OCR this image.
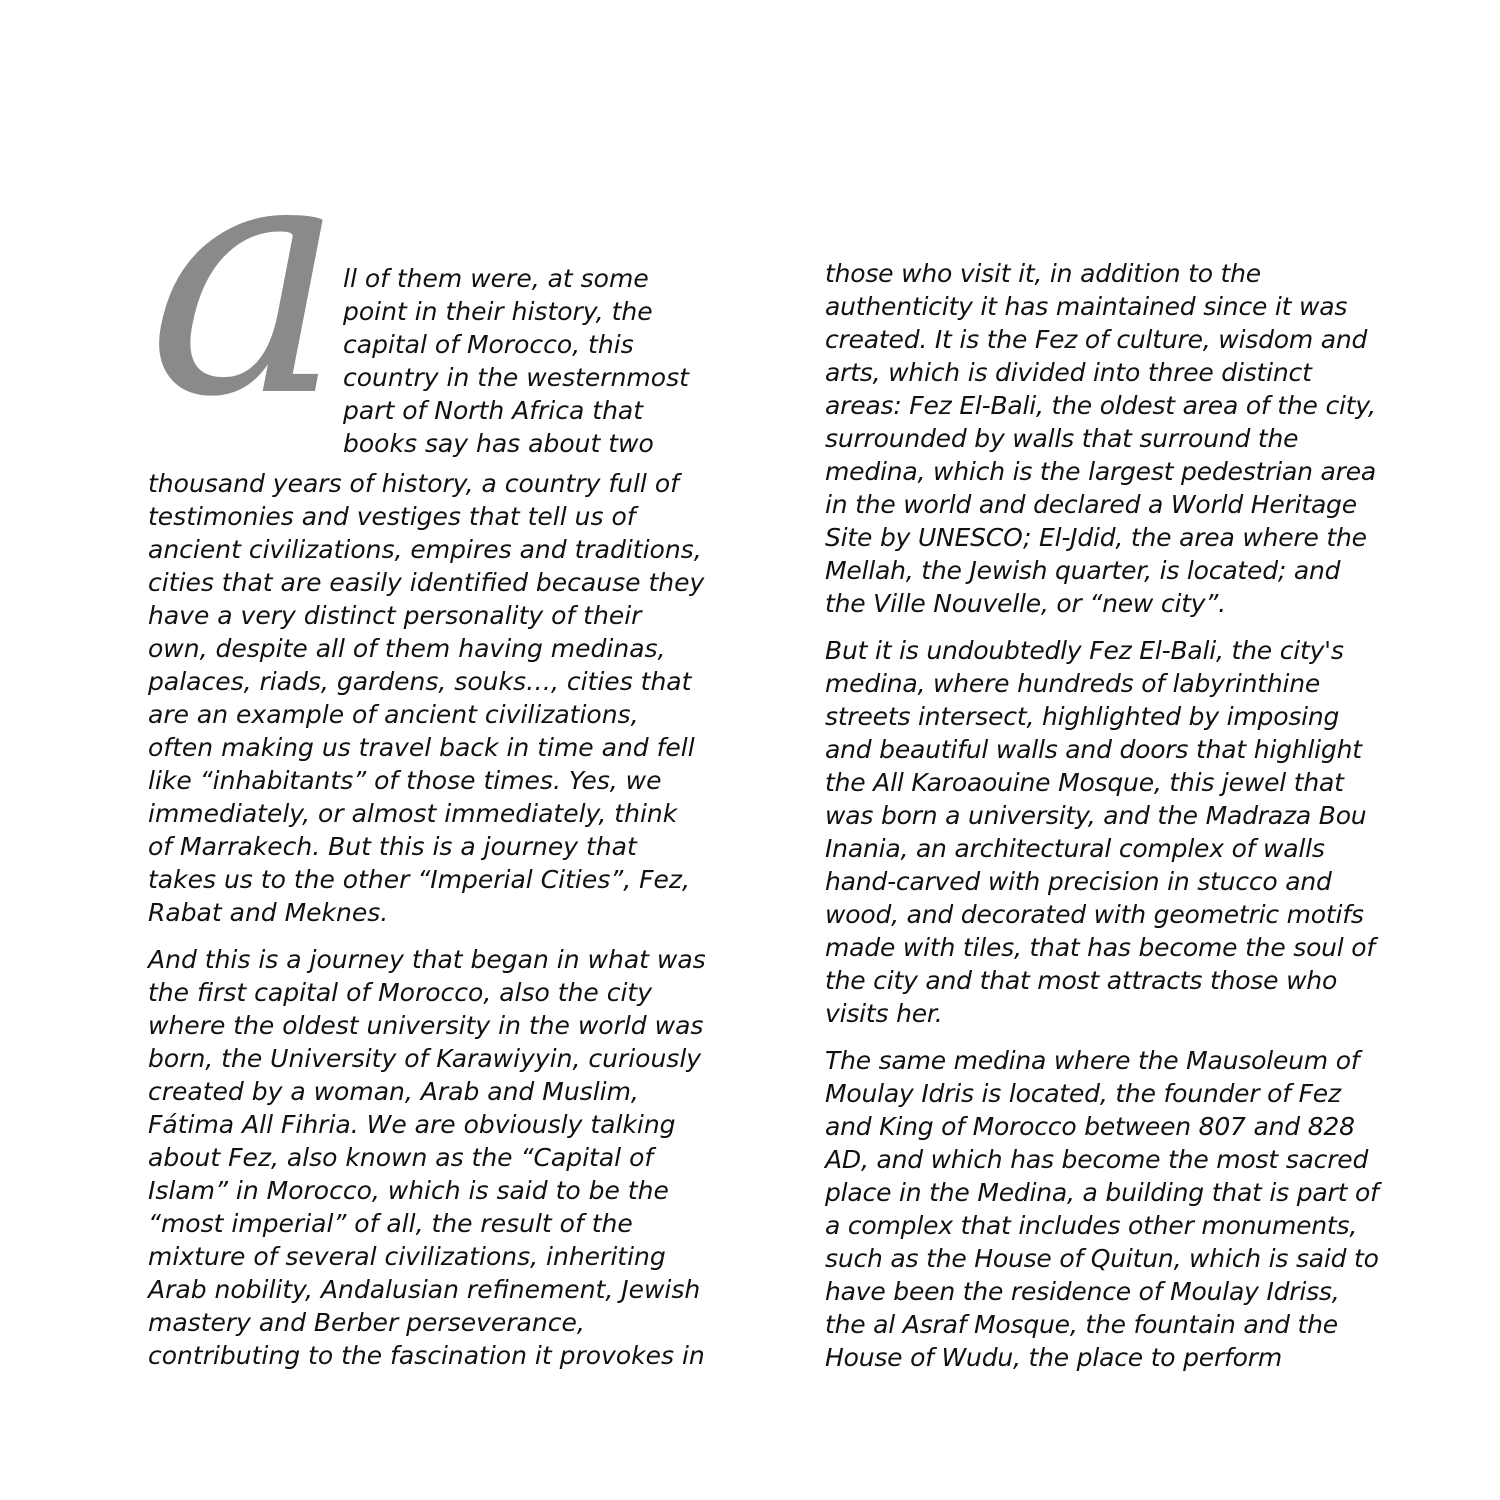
a
ll of them were, at some
point in their history, the
capital of Morocco, this
country in the westernmost
part of North Africa that
books say has about two
thousand years of history, a country full of
testimonies and vestiges that tell us of
ancient civilizations, empires and traditions,
cities that are easily identified because they
have a very distinct personality of their
own, despite all of them having medinas,
palaces, riads, gardens, souks…, cities that
are an example of ancient civilizations,
often making us travel back in time and fell
like “inhabitants” of those times. Yes, we
immediately, or almost immediately, think
of Marrakech. But this is a journey that
takes us to the other “Imperial Cities”, Fez,
Rabat and Meknes.
And this is a journey that began in what was
the first capital of Morocco, also the city
where the oldest university in the world was
born, the University of Karawiyyin, curiously
created by a woman, Arab and Muslim,
Fátima All Fihria. We are obviously talking
about Fez, also known as the “Capital of
Islam” in Morocco, which is said to be the
“most imperial” of all, the result of the
mixture of several civilizations, inheriting
Arab nobility, Andalusian refinement, Jewish
mastery and Berber perseverance,
contributing to the fascination it provokes in
those who visit it, in addition to the
authenticity it has maintained since it was
created. It is the Fez of culture, wisdom and
arts, which is divided into three distinct
areas: Fez El-Bali, the oldest area of the city,
surrounded by walls that surround the
medina, which is the largest pedestrian area
in the world and declared a World Heritage
Site by UNESCO; El-Jdid, the area where the
Mellah, the Jewish quarter, is located; and
the Ville Nouvelle, or “new city”.
But it is undoubtedly Fez El-Bali, the city's
medina, where hundreds of labyrinthine
streets intersect, highlighted by imposing
and beautiful walls and doors that highlight
the All Karoaouine Mosque, this jewel that
was born a university, and the Madraza Bou
Inania, an architectural complex of walls
hand-carved with precision in stucco and
wood, and decorated with geometric motifs
made with tiles, that has become the soul of
the city and that most attracts those who
visits her.
The same medina where the Mausoleum of
Moulay Idris is located, the founder of Fez
and King of Morocco between 807 and 828
AD, and which has become the most sacred
place in the Medina, a building that is part of
a complex that includes other monuments,
such as the House of Quitun, which is said to
have been the residence of Moulay Idriss,
the al Asraf Mosque, the fountain and the
House of Wudu, the place to perform
